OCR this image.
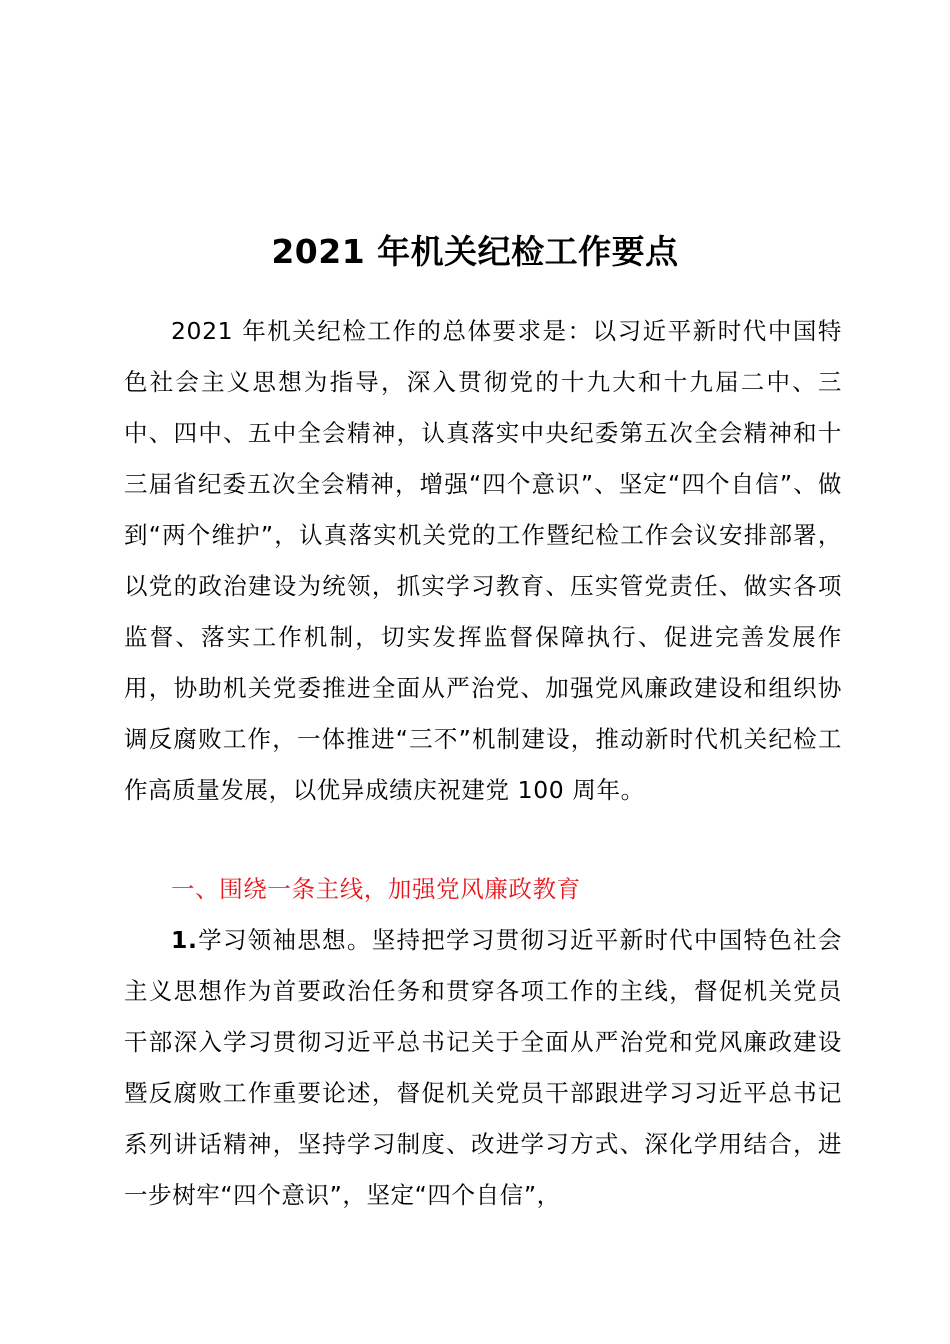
2021 年机关纪检工作要点

2021 年机关纪检工作的总体要求是：以习近平新时代中国特色社会主义思想为指导，深入贯彻党的十九大和十九届二中、三中、四中、五中全会精神，认真落实中央纪委第五次全会精神和十三届省纪委五次全会精神，增强“四个意识”、坚定“四个自信”、做到“两个维护”，认真落实机关党的工作暨纪检工作会议安排部署，以党的政治建设为统领，抓实学习教育、压实管党责任、做实各项监督、落实工作机制，切实发挥监督保障执行、促进完善发展作用，协助机关党委推进全面从严治党、加强党风廉政建设和组织协调反腐败工作，一体推进“三不”机制建设，推动新时代机关纪检工作高质量发展，以优异成绩庆祝建党 100 周年。

一、围绕一条主线，加强党风廉政教育

1.学习领袖思想。坚持把学习贯彻习近平新时代中国特色社会主义思想作为首要政治任务和贯穿各项工作的主线，督促机关党员干部深入学习贯彻习近平总书记关于全面从严治党和党风廉政建设暨反腐败工作重要论述，督促机关党员干部跟进学习习近平总书记系列讲话精神，坚持学习制度、改进学习方式、深化学用结合，进一步树牢“四个意识”，坚定“四个自信”，
